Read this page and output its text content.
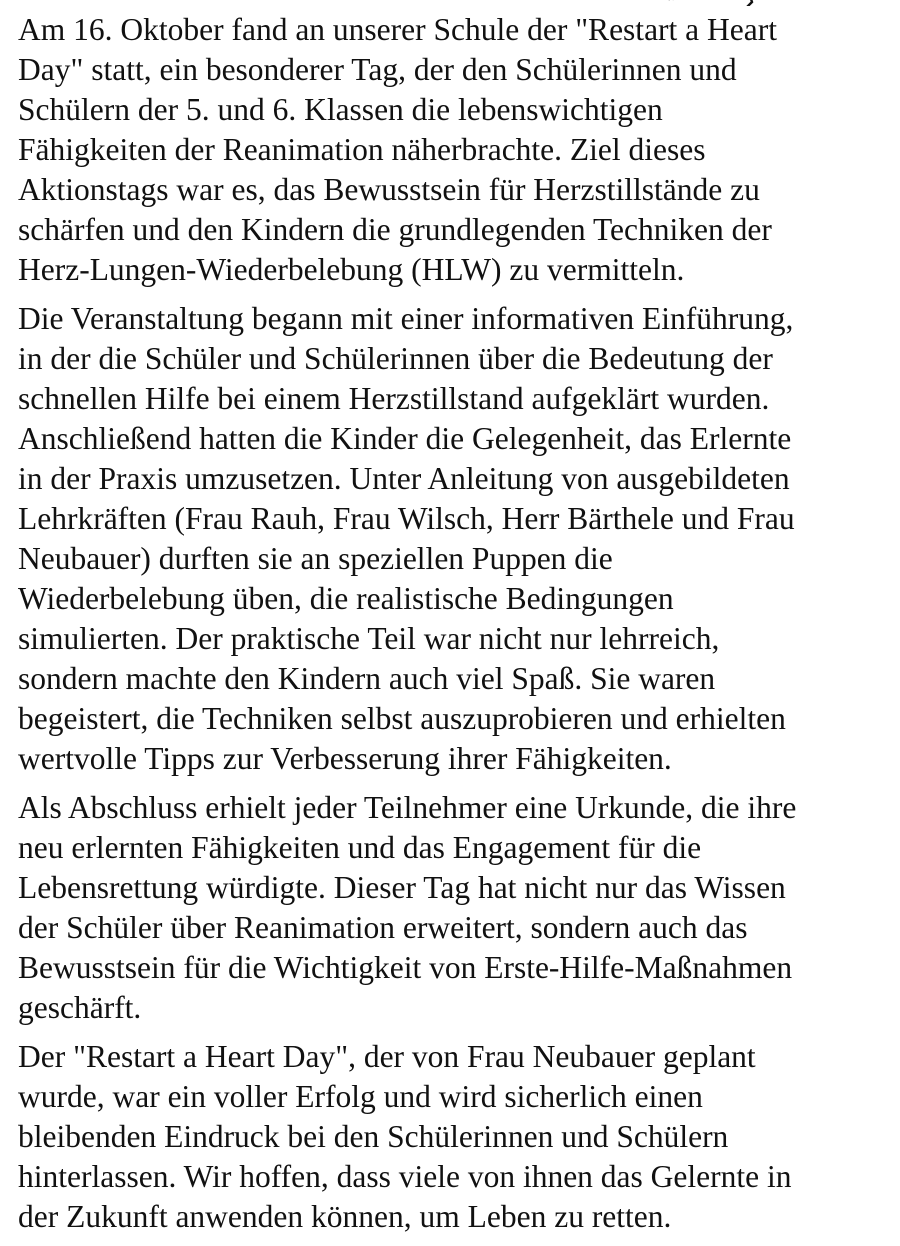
Am 16. Oktober fand an unserer Schule der "Restart a Heart
Day" statt, ein besonderer Tag, der den Schülerinnen und
Schülern der 5. und 6. Klassen die lebenswichtigen
Fähigkeiten der Reanimation näherbrachte. Ziel dieses
Aktionstags war es, das Bewusstsein für Herzstillstände zu
schärfen und den Kindern die grundlegenden Techniken der
Herz-Lungen-Wiederbelebung (HLW) zu vermitteln.

Die Veranstaltung begann mit einer informativen Einführung,
in der die Schüler und Schülerinnen über die Bedeutung der
schnellen Hilfe bei einem Herzstillstand aufgeklärt wurden.
Anschließend hatten die Kinder die Gelegenheit, das Erlernte
in der Praxis umzusetzen. Unter Anleitung von ausgebildeten
Lehrkräften (Frau Rauh, Frau Wilsch, Herr Bärthele und Frau
Neubauer) durften sie an speziellen Puppen die
Wiederbelebung üben, die realistische Bedingungen
simulierten. Der praktische Teil war nicht nur lehrreich,
sondern machte den Kindern auch viel Spaß. Sie waren
begeistert, die Techniken selbst auszuprobieren und erhielten
wertvolle Tipps zur Verbesserung ihrer Fähigkeiten.

Als Abschluss erhielt jeder Teilnehmer eine Urkunde, die ihre
neu erlernten Fähigkeiten und das Engagement für die
Lebensrettung würdigte. Dieser Tag hat nicht nur das Wissen
der Schüler über Reanimation erweitert, sondern auch das
Bewusstsein für die Wichtigkeit von Erste-Hilfe-Maßnahmen
geschärft.

Der "Restart a Heart Day", der von Frau Neubauer geplant
wurde, war ein voller Erfolg und wird sicherlich einen
bleibenden Eindruck bei den Schülerinnen und Schülern
hinterlassen. Wir hoffen, dass viele von ihnen das Gelernte in
der Zukunft anwenden können, um Leben zu retten.
